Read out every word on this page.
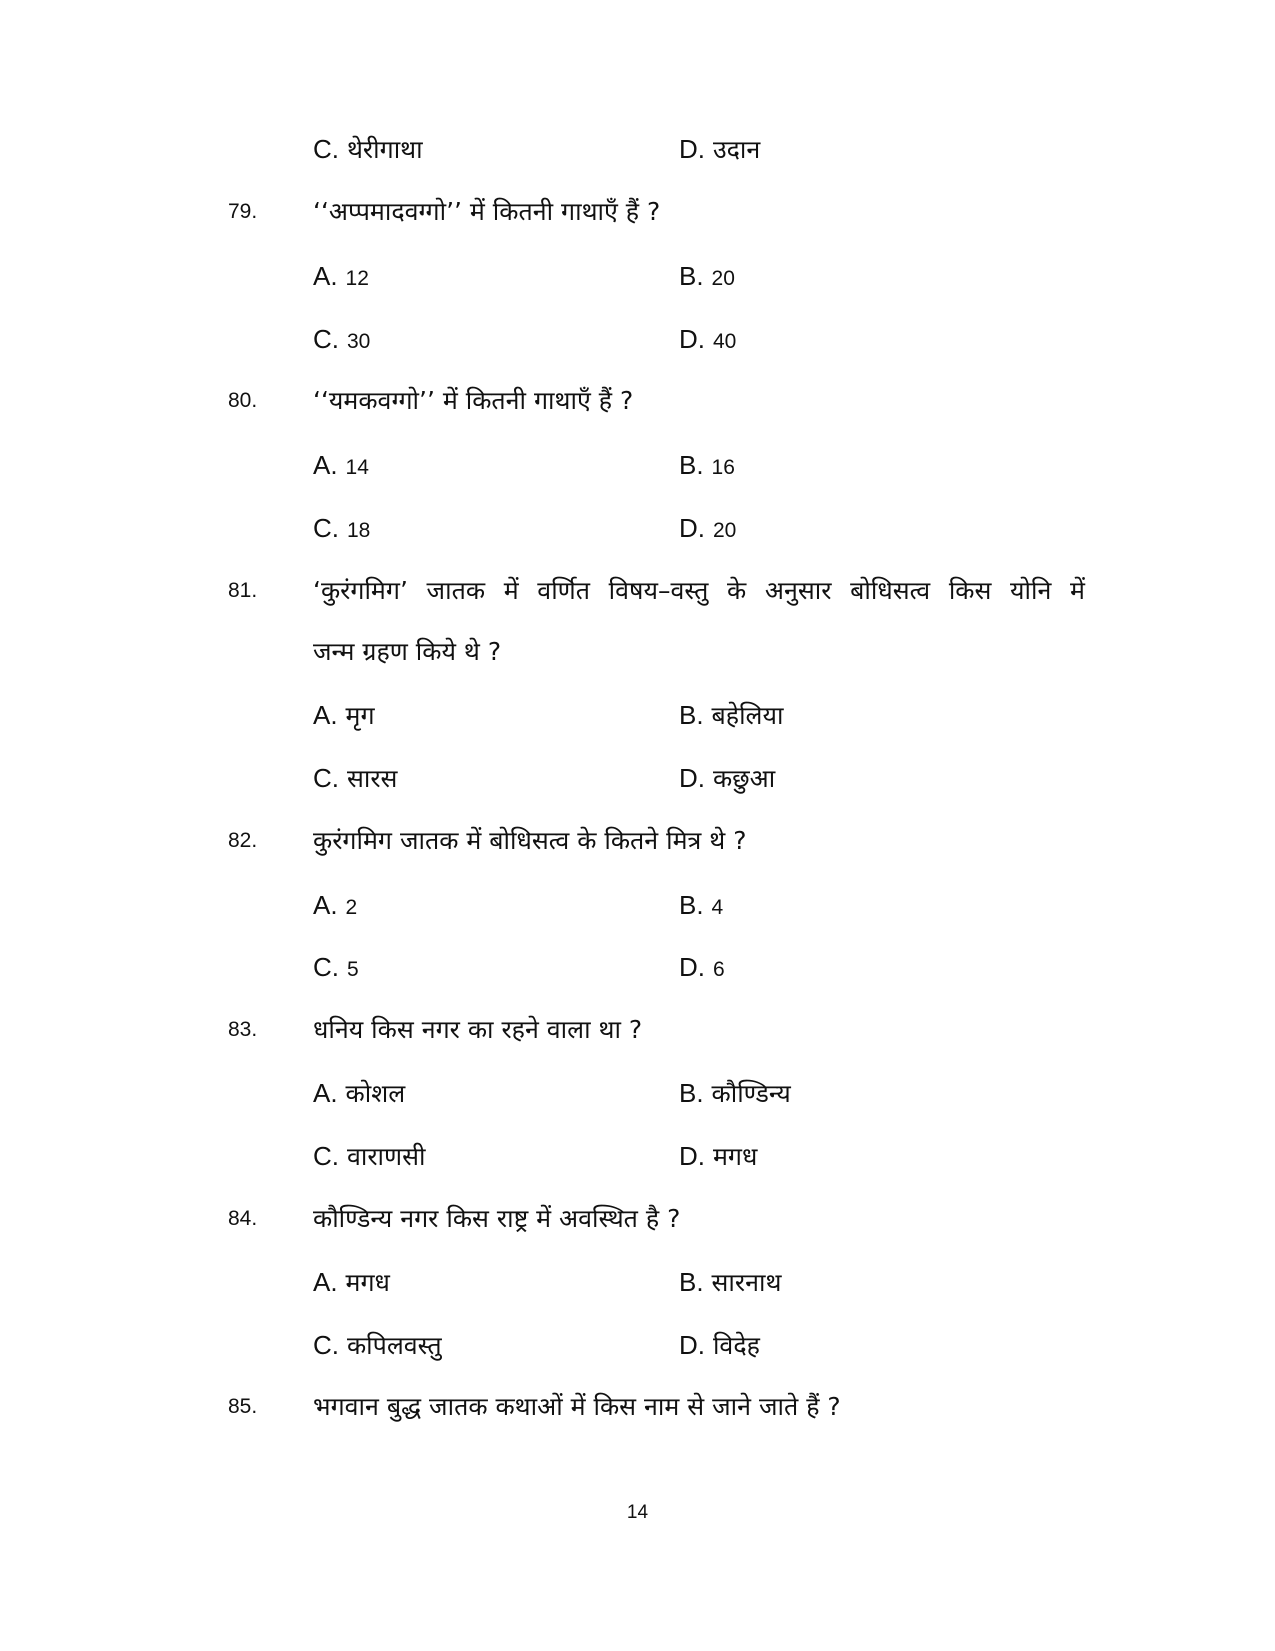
C. थेरीगाथा	D. उदान
79. ‘‘अप्पमादवग्गो’’ में कितनी गाथाएँ हैं ?
A. 12	B. 20
C. 30	D. 40
80. ‘‘यमकवग्गो’’ में कितनी गाथाएँ हैं ?
A. 14	B. 16
C. 18	D. 20
81. ‘कुरंगमिग’ जातक में वर्णित विषय–वस्तु के अनुसार बोधिसत्व किस योनि में
जन्म ग्रहण किये थे ?
A. मृग	B. बहेलिया
C. सारस	D. कछुआ
82. कुरंगमिग जातक में बोधिसत्व के कितने मित्र थे ?
A. 2	B. 4
C. 5	D. 6
83. धनिय किस नगर का रहने वाला था ?
A. कोशल	B. कौण्डिन्य
C. वाराणसी	D. मगध
84. कौण्डिन्य नगर किस राष्ट्र में अवस्थित है ?
A. मगध	B. सारनाथ
C. कपिलवस्तु	D. विदेह
85. भगवान बुद्ध जातक कथाओं में किस नाम से जाने जाते हैं ?
14
